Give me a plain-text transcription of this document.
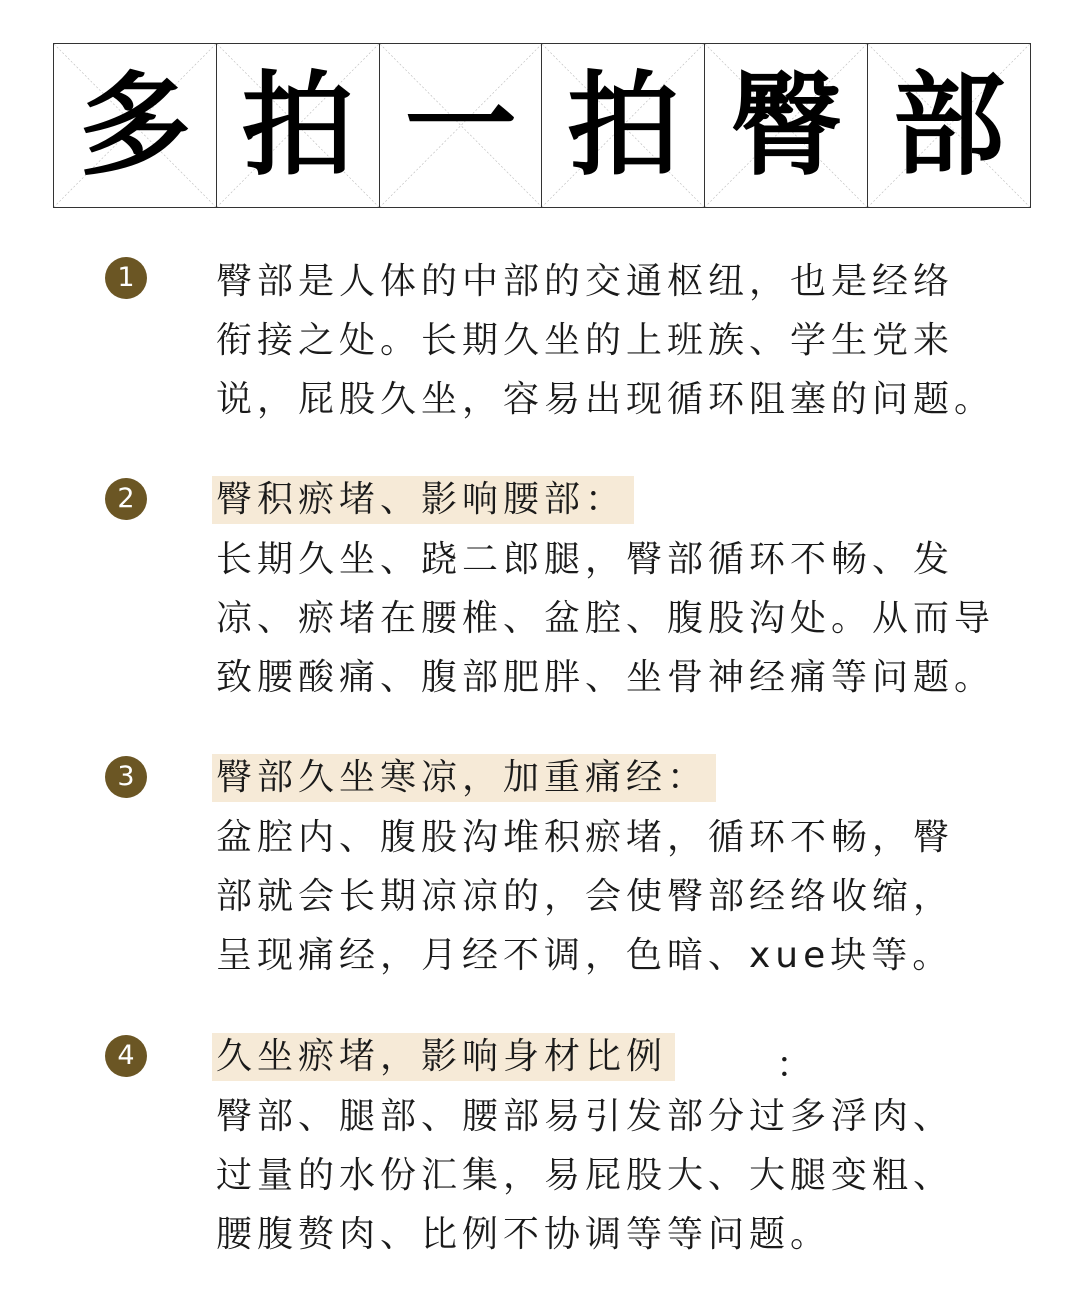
多 拍 一 拍 臀 部
1	臀部是人体的中部的交通枢纽，也是经络
衔接之处。长期久坐的上班族、学生党来
说，屁股久坐，容易出现循环阻塞的问题。
2	臀积瘀堵、影响腰部：
长期久坐、跷二郎腿，臀部循环不畅、发
凉、瘀堵在腰椎、盆腔、腹股沟处。从而导
致腰酸痛、腹部肥胖、坐骨神经痛等问题。
3	臀部久坐寒凉，加重痛经：
盆腔内、腹股沟堆积瘀堵，循环不畅，臀
部就会长期凉凉的，会使臀部经络收缩，
呈现痛经，月经不调，色暗、xue块等。
4	久坐瘀堵，影响身材比例
臀部、腿部、腰部易引发部分过多浮肉、
过量的水份汇集，易屁股大、大腿变粗、
腰腹赘肉、比例不协调等等问题。
：
